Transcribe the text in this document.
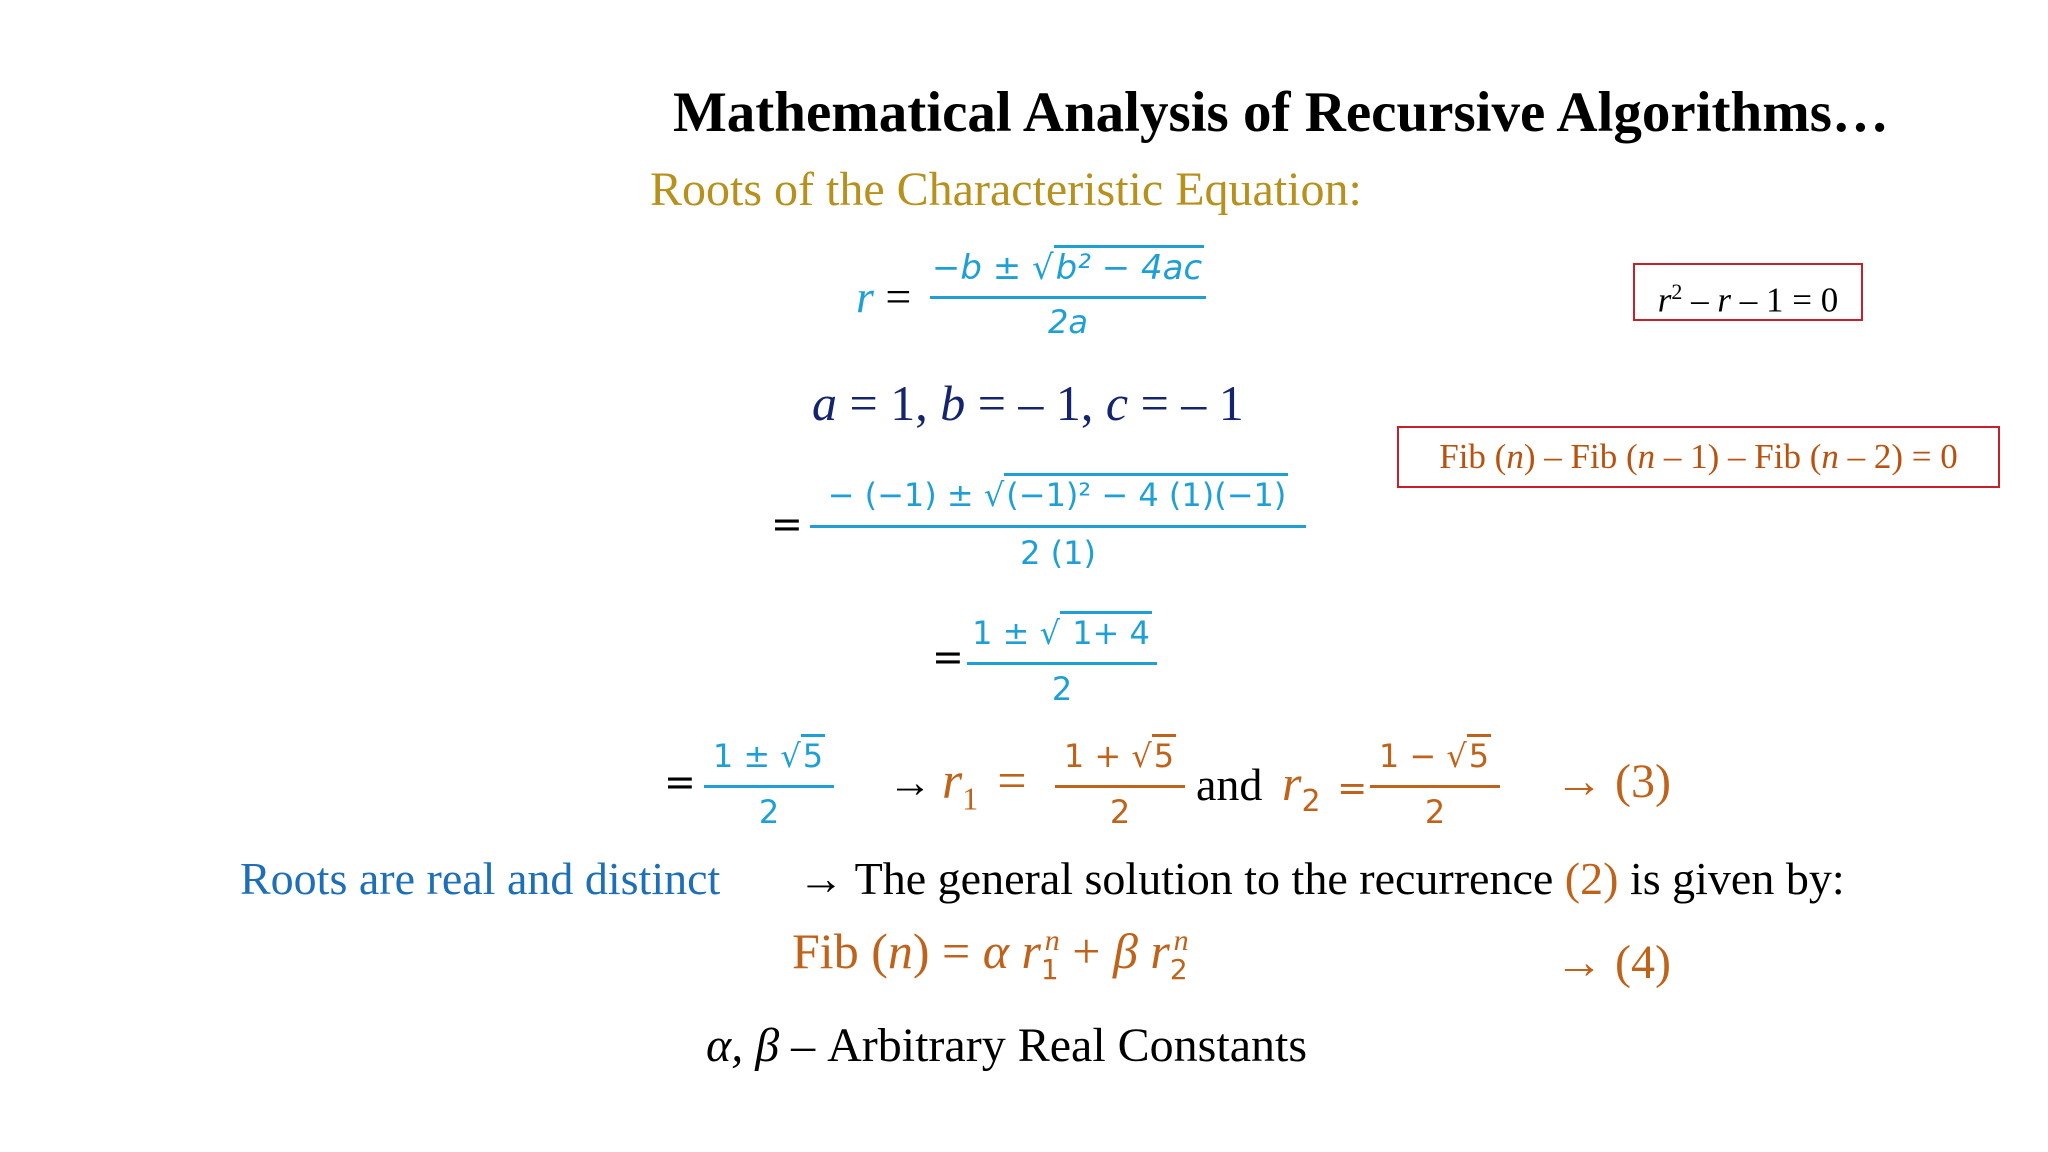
Mathematical Analysis of Recursive Algorithms…
Roots of the Characteristic Equation:
r =
−b ± √b² − 4ac
2a
a = 1, b = – 1, c = – 1
=
− (−1) ± √(−1)² − 4 (1)(−1)
2 (1)
=
1 ± √ 1+ 4
2
=
1 ± √5
2
→ $r_1 = 1 + √5$
2
and $r_2$ =
1 − √5
2
→ (3)
Roots are real and distinct → The general solution to the recurrence (2) is given by:
Fib (n) = α $r_1^n + \beta$ $r_2^n$	→ (4)
α, β – Arbitrary Real Constants
$r^2 - r - 1 = 0$
Fib (n) – Fib (n – 1) – Fib (n – 2) = 0
